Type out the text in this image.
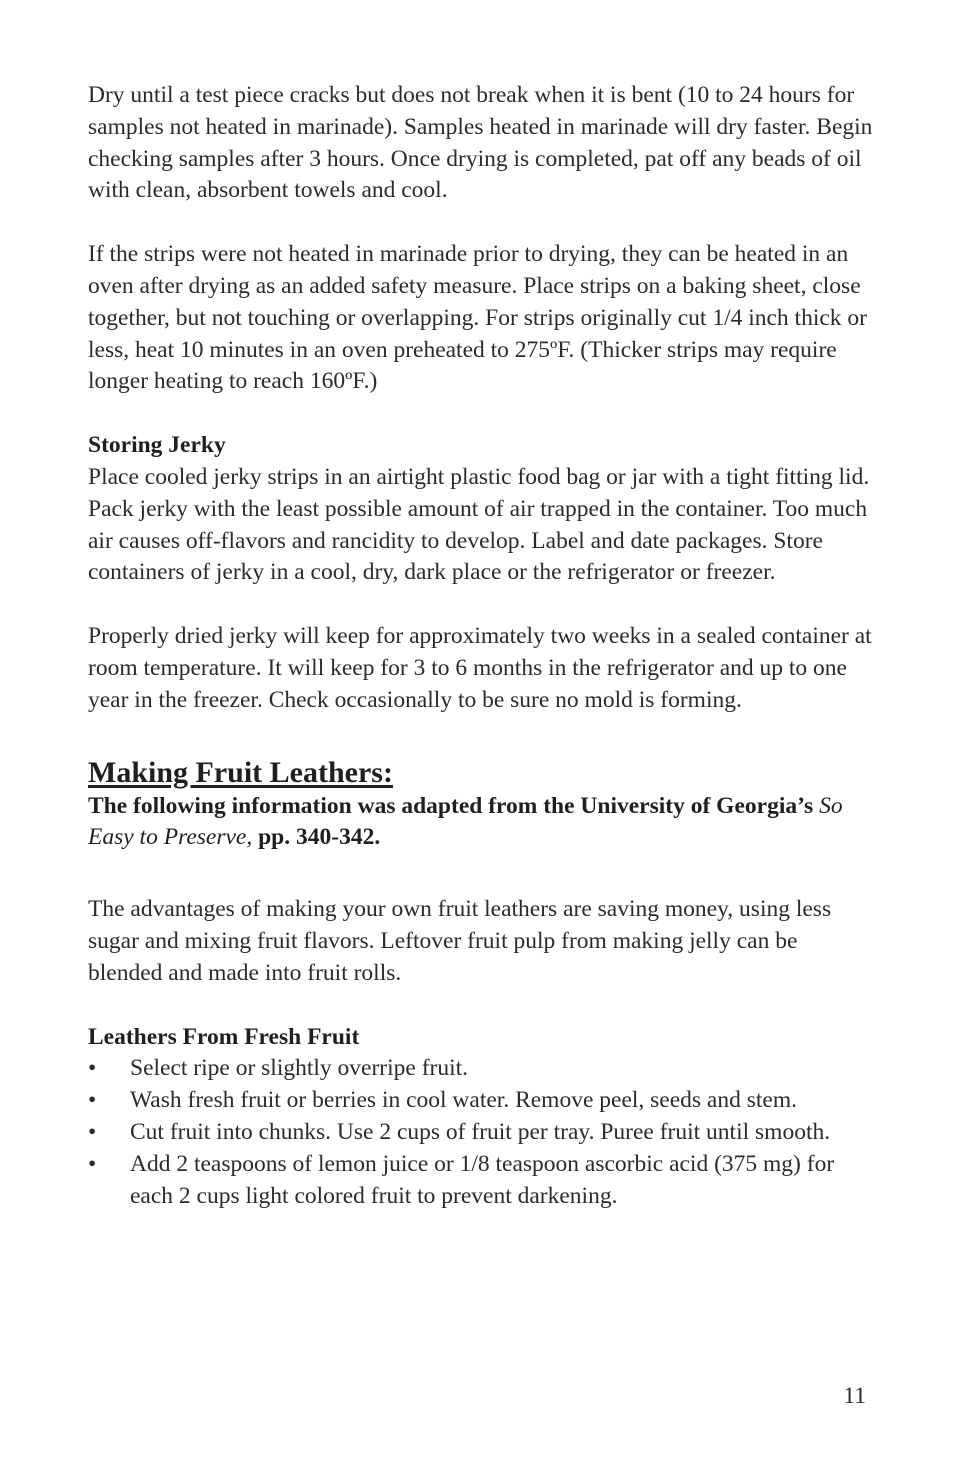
Dry until a test piece cracks but does not break when it is bent (10 to 24 hours for samples not heated in marinade). Samples heated in marinade will dry faster. Begin checking samples after 3 hours. Once drying is completed, pat off any beads of oil with clean, absorbent towels and cool.

If the strips were not heated in marinade prior to drying, they can be heated in an oven after drying as an added safety measure. Place strips on a baking sheet, close together, but not touching or overlapping. For strips originally cut 1/4 inch thick or less, heat 10 minutes in an oven preheated to 275ºF. (Thicker strips may require longer heating to reach 160ºF.)

Storing Jerky

Place cooled jerky strips in an airtight plastic food bag or jar with a tight fitting lid. Pack jerky with the least possible amount of air trapped in the container. Too much air causes off-flavors and rancidity to develop. Label and date packages. Store containers of jerky in a cool, dry, dark place or the refrigerator or freezer.

Properly dried jerky will keep for approximately two weeks in a sealed container at room temperature. It will keep for 3 to 6 months in the refrigerator and up to one year in the freezer. Check occasionally to be sure no mold is forming.

Making Fruit Leathers:

The following information was adapted from the University of Georgia’s So Easy to Preserve, pp. 340-342.

The advantages of making your own fruit leathers are saving money, using less sugar and mixing fruit flavors. Leftover fruit pulp from making jelly can be blended and made into fruit rolls.

Leathers From Fresh Fruit
• Select ripe or slightly overripe fruit.
• Wash fresh fruit or berries in cool water. Remove peel, seeds and stem.
• Cut fruit into chunks. Use 2 cups of fruit per tray. Puree fruit until smooth.
• Add 2 teaspoons of lemon juice or 1/8 teaspoon ascorbic acid (375 mg) for each 2 cups light colored fruit to prevent darkening.
11
